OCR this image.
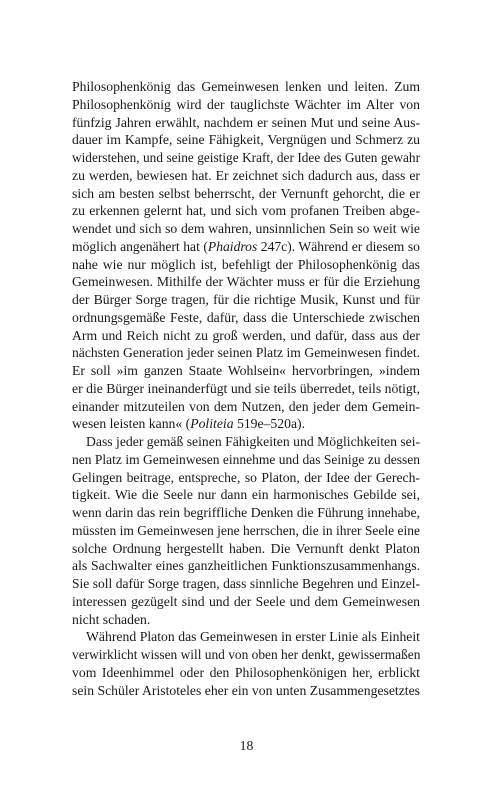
Philosophenkönig das Gemeinwesen lenken und leiten. Zum
Philosophenkönig wird der tauglichste Wächter im Alter von
fünfzig Jahren erwählt, nachdem er seinen Mut und seine Aus-
dauer im Kampfe, seine Fähigkeit, Vergnügen und Schmerz zu
widerstehen, und seine geistige Kraft, der Idee des Guten gewahr
zu werden, bewiesen hat. Er zeichnet sich dadurch aus, dass er
sich am besten selbst beherrscht, der Vernunft gehorcht, die er
zu erkennen gelernt hat, und sich vom profanen Treiben abge-
wendet und sich so dem wahren, unsinnlichen Sein so weit wie
möglich angenähert hat (Phaidros 247c). Während er diesem so
nahe wie nur möglich ist, befehligt der Philosophenkönig das
Gemeinwesen. Mithilfe der Wächter muss er für die Erziehung
der Bürger Sorge tragen, für die richtige Musik, Kunst und für
ordnungsgemäße Feste, dafür, dass die Unterschiede zwischen
Arm und Reich nicht zu groß werden, und dafür, dass aus der
nächsten Generation jeder seinen Platz im Gemeinwesen findet.
Er soll »im ganzen Staate Wohlsein« hervorbringen, »indem
er die Bürger ineinanderfügt und sie teils überredet, teils nötigt,
einander mitzuteilen von dem Nutzen, den jeder dem Gemein-
wesen leisten kann« (Politeia 519e–520a).
Dass jeder gemäß seinen Fähigkeiten und Möglichkeiten sei-
nen Platz im Gemeinwesen einnehme und das Seinige zu dessen
Gelingen beitrage, entspreche, so Platon, der Idee der Gerech-
tigkeit. Wie die Seele nur dann ein harmonisches Gebilde sei,
wenn darin das rein begriffliche Denken die Führung innehabe,
müssten im Gemeinwesen jene herrschen, die in ihrer Seele eine
solche Ordnung hergestellt haben. Die Vernunft denkt Platon
als Sachwalter eines ganzheitlichen Funktionszusammenhangs.
Sie soll dafür Sorge tragen, dass sinnliche Begehren und Einzel-
interessen gezügelt sind und der Seele und dem Gemeinwesen
nicht schaden.
Während Platon das Gemeinwesen in erster Linie als Einheit
verwirklicht wissen will und von oben her denkt, gewissermaßen
vom Ideenhimmel oder den Philosophenkönigen her, erblickt
sein Schüler Aristoteles eher ein von unten Zusammengesetztes
18
